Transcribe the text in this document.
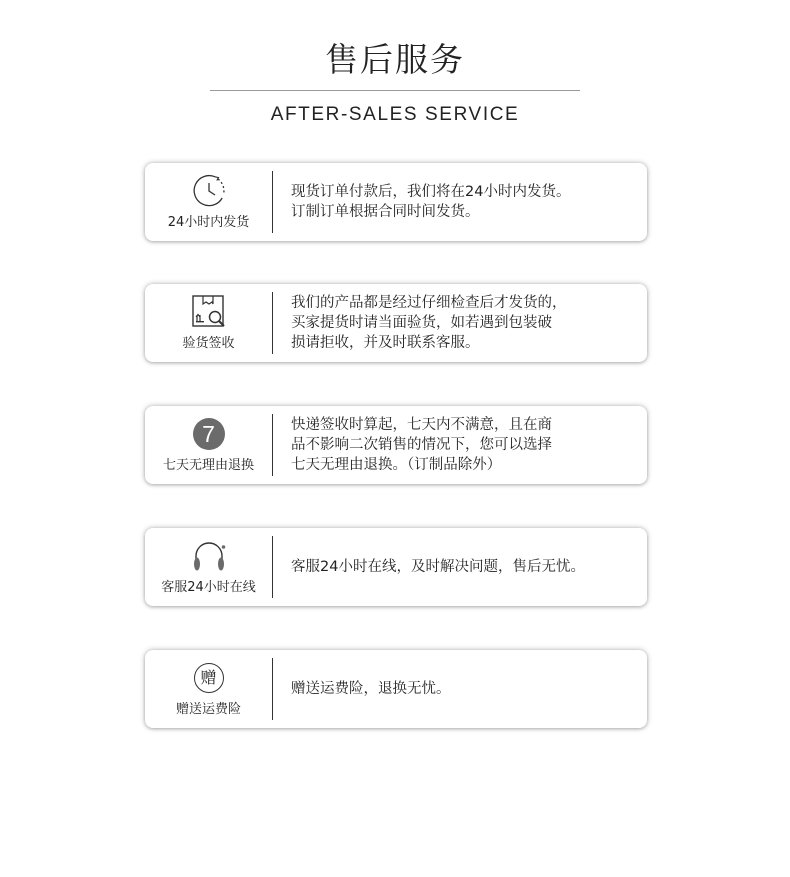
售后服务
AFTER-SALES SERVICE
24小时内发货
现货订单付款后，我们将在24小时内发货。
订制订单根据合同时间发货。
验货签收
我们的产品都是经过仔细检查后才发货的，
买家提货时请当面验货，如若遇到包装破
损请拒收，并及时联系客服。
7
七天无理由退换
快递签收时算起，七天内不满意，且在商
品不影响二次销售的情况下，您可以选择
七天无理由退换。（订制品除外）
客服24小时在线
客服24小时在线，及时解决问题，售后无忧。
赠
赠送运费险
赠送运费险，退换无忧。
